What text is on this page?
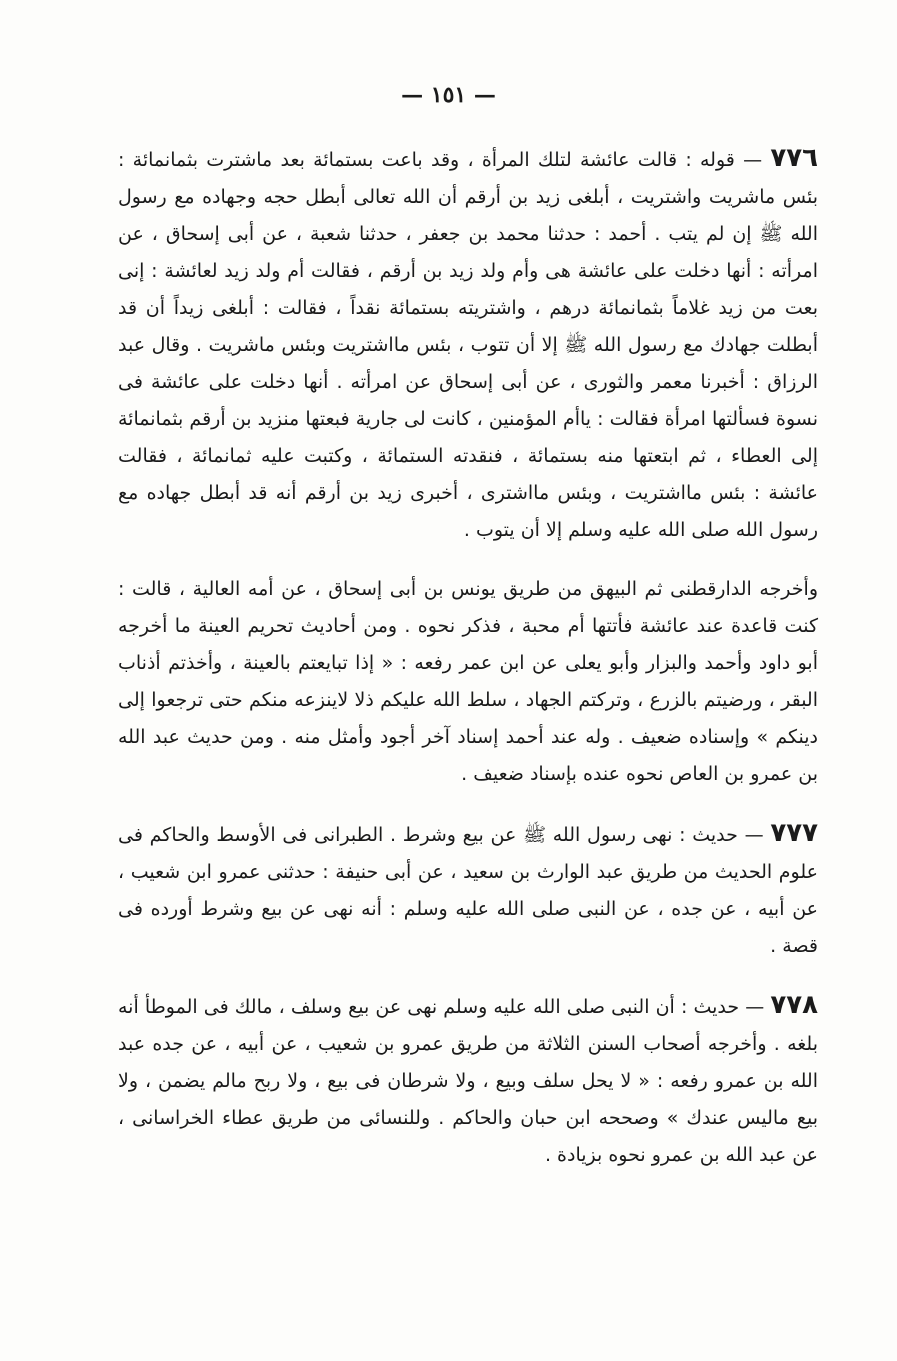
— ١٥١ —

٧٧٦ — قوله : قالت عائشة لتلك المرأة ، وقد باعت بستمائة بعد ماشترت بثمانمائة : بئس ماشريت واشتريت ، أبلغى زيد بن أرقم أن الله تعالى أبطل حجه وجهاده مع رسول الله ﷺ إن لم يتب . أحمد : حدثنا محمد بن جعفر ، حدثنا شعبة ، عن أبى إسحاق ، عن امرأته : أنها دخلت على عائشة هى وأم ولد زيد بن أرقم ، فقالت أم ولد زيد لعائشة : إنى بعت من زيد غلاماً بثمانمائة درهم ، واشتريته بستمائة نقداً ، فقالت : أبلغى زيداً أن قد أبطلت جهادك مع رسول الله ﷺ إلا أن تتوب ، بئس مااشتريت وبئس ماشريت . وقال عبد الرزاق : أخبرنا معمر والثورى ، عن أبى إسحاق عن امرأته . أنها دخلت على عائشة فى نسوة فسألتها امرأة فقالت : ياأم المؤمنين ، كانت لى جارية فبعتها منزيد بن أرقم بثمانمائة إلى العطاء ، ثم ابتعتها منه بستمائة ، فنقدته الستمائة ، وكتبت عليه ثمانمائة ، فقالت عائشة : بئس مااشتريت ، وبئس مااشترى ، أخبرى زيد بن أرقم أنه قد أبطل جهاده مع رسول الله صلى الله عليه وسلم إلا أن يتوب .

وأخرجه الدارقطنى ثم البيهق من طريق يونس بن أبى إسحاق ، عن أمه العالية ، قالت : كنت قاعدة عند عائشة فأتتها أم محبة ، فذكر نحوه . ومن أحاديث تحريم العينة ما أخرجه أبو داود وأحمد والبزار وأبو يعلى عن ابن عمر رفعه : « إذا تبايعتم بالعينة ، وأخذتم أذناب البقر ، ورضيتم بالزرع ، وتركتم الجهاد ، سلط الله عليكم ذلا لاينزعه منكم حتى ترجعوا إلى دينكم » وإسناده ضعيف . وله عند أحمد إسناد آخر أجود وأمثل منه . ومن حديث عبد الله بن عمرو بن العاص نحوه عنده بإسناد ضعيف .

٧٧٧ — حديث : نهى رسول الله ﷺ عن بيع وشرط . الطبرانى فى الأوسط والحاكم فى علوم الحديث من طريق عبد الوارث بن سعيد ، عن أبى حنيفة : حدثنى عمرو ابن شعيب ، عن أبيه ، عن جده ، عن النبى صلى الله عليه وسلم : أنه نهى عن بيع وشرط أورده فى قصة .

٧٧٨ — حديث : أن النبى صلى الله عليه وسلم نهى عن بيع وسلف ، مالك فى الموطأ أنه بلغه . وأخرجه أصحاب السنن الثلاثة من طريق عمرو بن شعيب ، عن أبيه ، عن جده عبد الله بن عمرو رفعه : « لا يحل سلف وبيع ، ولا شرطان فى بيع ، ولا ربح مالم يضمن ، ولا بيع ماليس عندك » وصححه ابن حبان والحاكم . وللنسائى من طريق عطاء الخراسانى ، عن عبد الله بن عمرو نحوه بزيادة .
